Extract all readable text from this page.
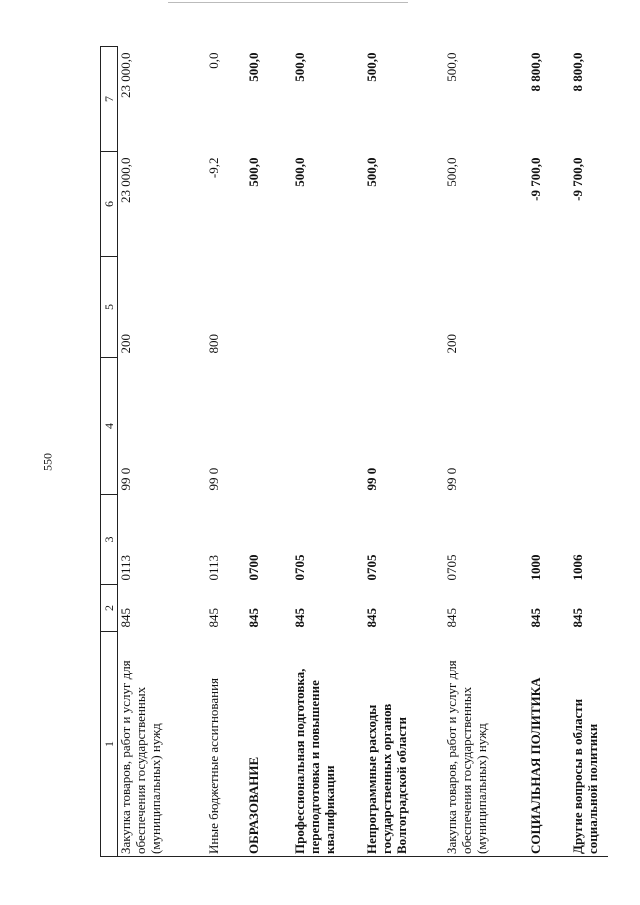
550
1	2	3	4	5	6	7
Закупка товаров, работ и услуг для обеспечения государственных (муниципальных) нужд	845	0113	99 0	200	23 000,0	23 000,0
Иные бюджетные ассигнования	845	0113	99 0	800	-9,2	0,0
ОБРАЗОВАНИЕ	845	0700			500,0	500,0
Профессиональная подготовка, переподготовка и повышение квалификации	845	0705			500,0	500,0
Непрограммные расходы государственных органов Волгоградской области	845	0705	99 0		500,0	500,0
Закупка товаров, работ и услуг для обеспечения государственных (муниципальных) нужд	845	0705	99 0	200	500,0	500,0
СОЦИАЛЬНАЯ ПОЛИТИКА	845	1000			-9 700,0	8 800,0
Другие вопросы в области социальной политики	845	1006			-9 700,0	8 800,0
